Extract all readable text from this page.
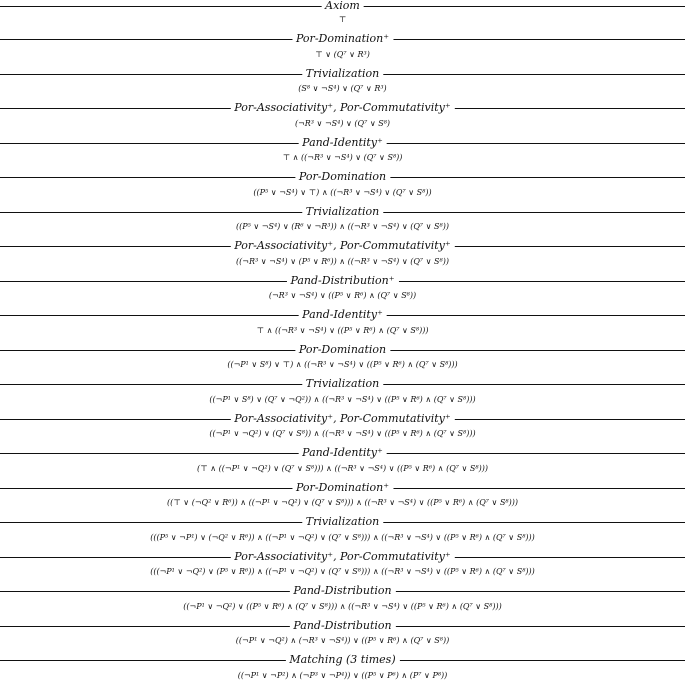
Axiom
⊤
Por-Domination⁺
⊤ ∨ (Q⁷ ∨ R³)
Trivialization
(S⁸ ∨ ¬S⁴) ∨ (Q⁷ ∨ R³)
Por-Associativity⁺, Por-Commutativity⁺
(¬R³ ∨ ¬S⁴) ∨ (Q⁷ ∨ S⁸)
Pand-Identity⁺
⊤ ∧ ((¬R³ ∨ ¬S⁴) ∨ (Q⁷ ∨ S⁸))
Por-Domination
((P⁵ ∨ ¬S⁴) ∨ ⊤) ∧ ((¬R³ ∨ ¬S⁴) ∨ (Q⁷ ∨ S⁸))
Trivialization
((P⁵ ∨ ¬S⁴) ∨ (R⁶ ∨ ¬R³)) ∧ ((¬R³ ∨ ¬S⁴) ∨ (Q⁷ ∨ S⁸))
Por-Associativity⁺, Por-Commutativity⁺
((¬R³ ∨ ¬S⁴) ∨ (P⁵ ∨ R⁶)) ∧ ((¬R³ ∨ ¬S⁴) ∨ (Q⁷ ∨ S⁸))
Pand-Distribution⁺
(¬R³ ∨ ¬S⁴) ∨ ((P⁵ ∨ R⁶) ∧ (Q⁷ ∨ S⁸))
Pand-Identity⁺
⊤ ∧ ((¬R³ ∨ ¬S⁴) ∨ ((P⁵ ∨ R⁶) ∧ (Q⁷ ∨ S⁸)))
Por-Domination
((¬P¹ ∨ S⁸) ∨ ⊤) ∧ ((¬R³ ∨ ¬S⁴) ∨ ((P⁵ ∨ R⁶) ∧ (Q⁷ ∨ S⁸)))
Trivialization
((¬P¹ ∨ S⁸) ∨ (Q⁷ ∨ ¬Q²)) ∧ ((¬R³ ∨ ¬S⁴) ∨ ((P⁵ ∨ R⁶) ∧ (Q⁷ ∨ S⁸)))
Por-Associativity⁺, Por-Commutativity⁺
((¬P¹ ∨ ¬Q²) ∨ (Q⁷ ∨ S⁸)) ∧ ((¬R³ ∨ ¬S⁴) ∨ ((P⁵ ∨ R⁶) ∧ (Q⁷ ∨ S⁸)))
Pand-Identity⁺
(⊤ ∧ ((¬P¹ ∨ ¬Q²) ∨ (Q⁷ ∨ S⁸))) ∧ ((¬R³ ∨ ¬S⁴) ∨ ((P⁵ ∨ R⁶) ∧ (Q⁷ ∨ S⁸)))
Por-Domination⁺
((⊤ ∨ (¬Q² ∨ R⁶)) ∧ ((¬P¹ ∨ ¬Q²) ∨ (Q⁷ ∨ S⁸))) ∧ ((¬R³ ∨ ¬S⁴) ∨ ((P⁵ ∨ R⁶) ∧ (Q⁷ ∨ S⁸)))
Trivialization
(((P⁵ ∨ ¬P¹) ∨ (¬Q² ∨ R⁶)) ∧ ((¬P¹ ∨ ¬Q²) ∨ (Q⁷ ∨ S⁸))) ∧ ((¬R³ ∨ ¬S⁴) ∨ ((P⁵ ∨ R⁶) ∧ (Q⁷ ∨ S⁸)))
Por-Associativity⁺, Por-Commutativity⁺
(((¬P¹ ∨ ¬Q²) ∨ (P⁵ ∨ R⁶)) ∧ ((¬P¹ ∨ ¬Q²) ∨ (Q⁷ ∨ S⁸))) ∧ ((¬R³ ∨ ¬S⁴) ∨ ((P⁵ ∨ R⁶) ∧ (Q⁷ ∨ S⁸)))
Pand-Distribution
((¬P¹ ∨ ¬Q²) ∨ ((P⁵ ∨ R⁶) ∧ (Q⁷ ∨ S⁸))) ∧ ((¬R³ ∨ ¬S⁴) ∨ ((P⁵ ∨ R⁶) ∧ (Q⁷ ∨ S⁸)))
Pand-Distribution
((¬P¹ ∨ ¬Q²) ∧ (¬R³ ∨ ¬S⁴)) ∨ ((P⁵ ∨ R⁶) ∧ (Q⁷ ∨ S⁸))
Matching (3 times)
((¬P¹ ∨ ¬P²) ∧ (¬P³ ∨ ¬P⁴)) ∨ ((P⁵ ∨ P⁶) ∧ (P⁷ ∨ P⁸))
